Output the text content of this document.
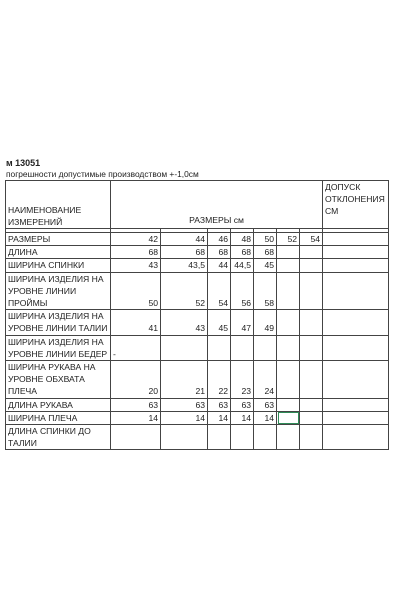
м 13051
погрешности допустимые производством +-1,0см
НАИМЕНОВАНИЕ ИЗМЕРЕНИЙ	РАЗМЕРЫ см							ДОПУСК ОТКЛОНЕНИЯ СМ

РАЗМЕРЫ	42	44	46	48	50	52	54	
ДЛИНА	68	68	68	68	68			
ШИРИНА СПИНКИ	43	43,5	44	44,5	45			
ШИРИНА ИЗДЕЛИЯ НА УРОВНЕ ЛИНИИ ПРОЙМЫ	50	52	54	56	58			
ШИРИНА ИЗДЕЛИЯ НА УРОВНЕ ЛИНИИ ТАЛИИ	41	43	45	47	49			
ШИРИНА ИЗДЕЛИЯ НА УРОВНЕ ЛИНИИ БЕДЕР	-							
ШИРИНА РУКАВА НА УРОВНЕ ОБХВАТА ПЛЕЧА	20	21	22	23	24			
ДЛИНА РУКАВА	63	63	63	63	63			
ШИРИНА ПЛЕЧА	14	14	14	14	14			
ДЛИНА СПИНКИ ДО ТАЛИИ								
